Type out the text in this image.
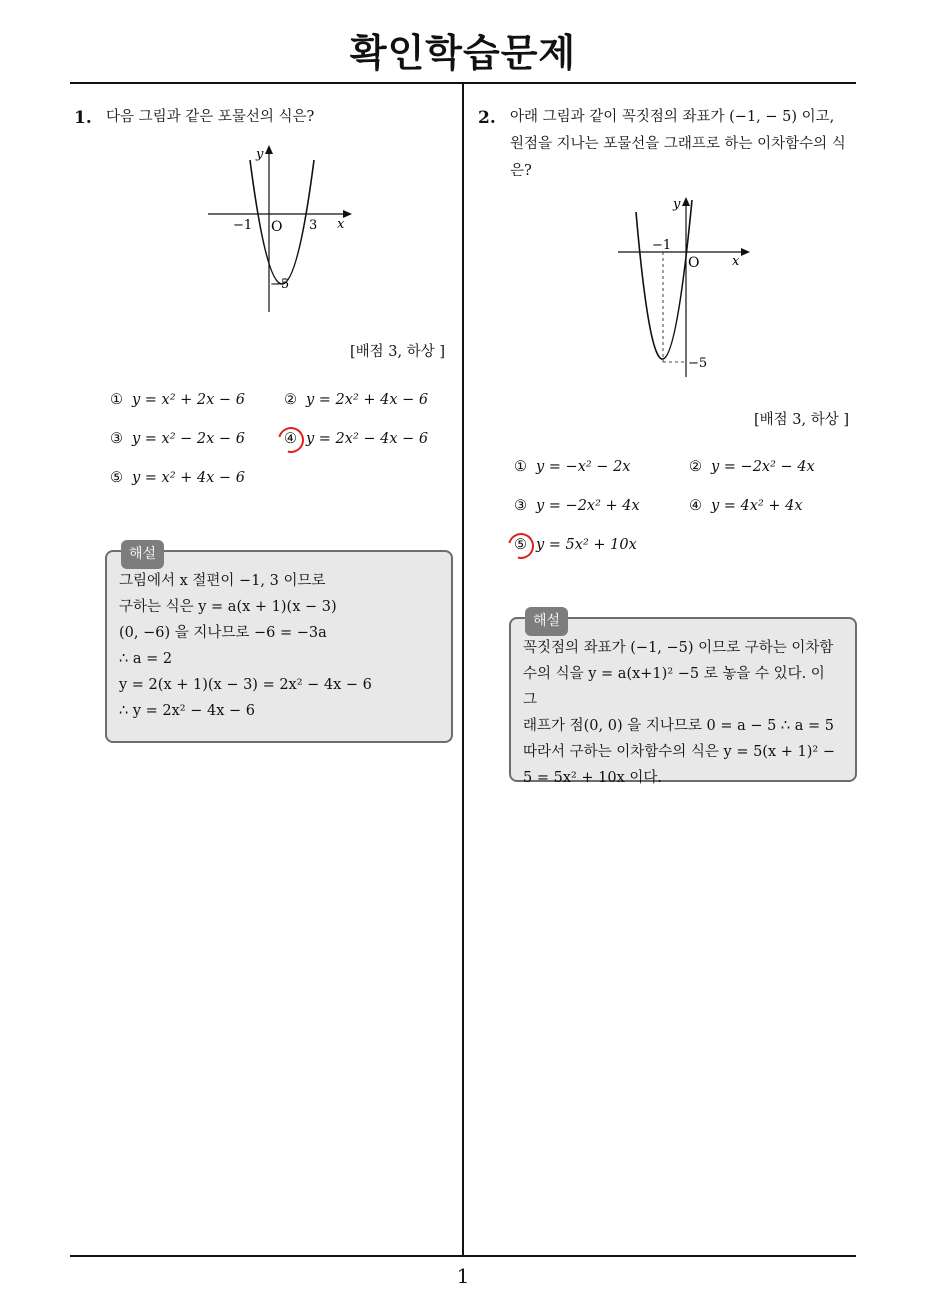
확인학습문제
1. 다음 그림과 같은 포물선의 식은?
y
x
O
−1	3
−5
[배점 3, 하상 ]
① y = x² + 2x − 6	② y = 2x² + 4x − 6
③ y = x² − 2x − 6	④ y = 2x² − 4x − 6
⑤ y = x² + 4x − 6
해설
그림에서 x 절편이 −1, 3 이므로
구하는 식은 y = a(x + 1)(x − 3)
(0, −6) 을 지나므로 −6 = −3a
∴ a = 2
y = 2(x + 1)(x − 3) = 2x² − 4x − 6
∴ y = 2x² − 4x − 6
2. 아래 그림과 같이 꼭짓점의 좌표가 (−1, − 5) 이고,
원점을 지나는 포물선을 그래프로 하는 이차함수의 식
은?
y
x
O
−1
−5
[배점 3, 하상 ]
① y = −x² − 2x	② y = −2x² − 4x
③ y = −2x² + 4x	④ y = 4x² + 4x
⑤ y = 5x² + 10x
해설
꼭짓점의 좌표가 (−1, −5) 이므로 구하는 이차함
수의 식을 y = a(x+1)² −5 로 놓을 수 있다. 이 그
래프가 점(0, 0) 을 지나므로 0 = a − 5 ∴ a = 5
따라서 구하는 이차함수의 식은 y = 5(x + 1)² −
5 = 5x² + 10x 이다.
1
